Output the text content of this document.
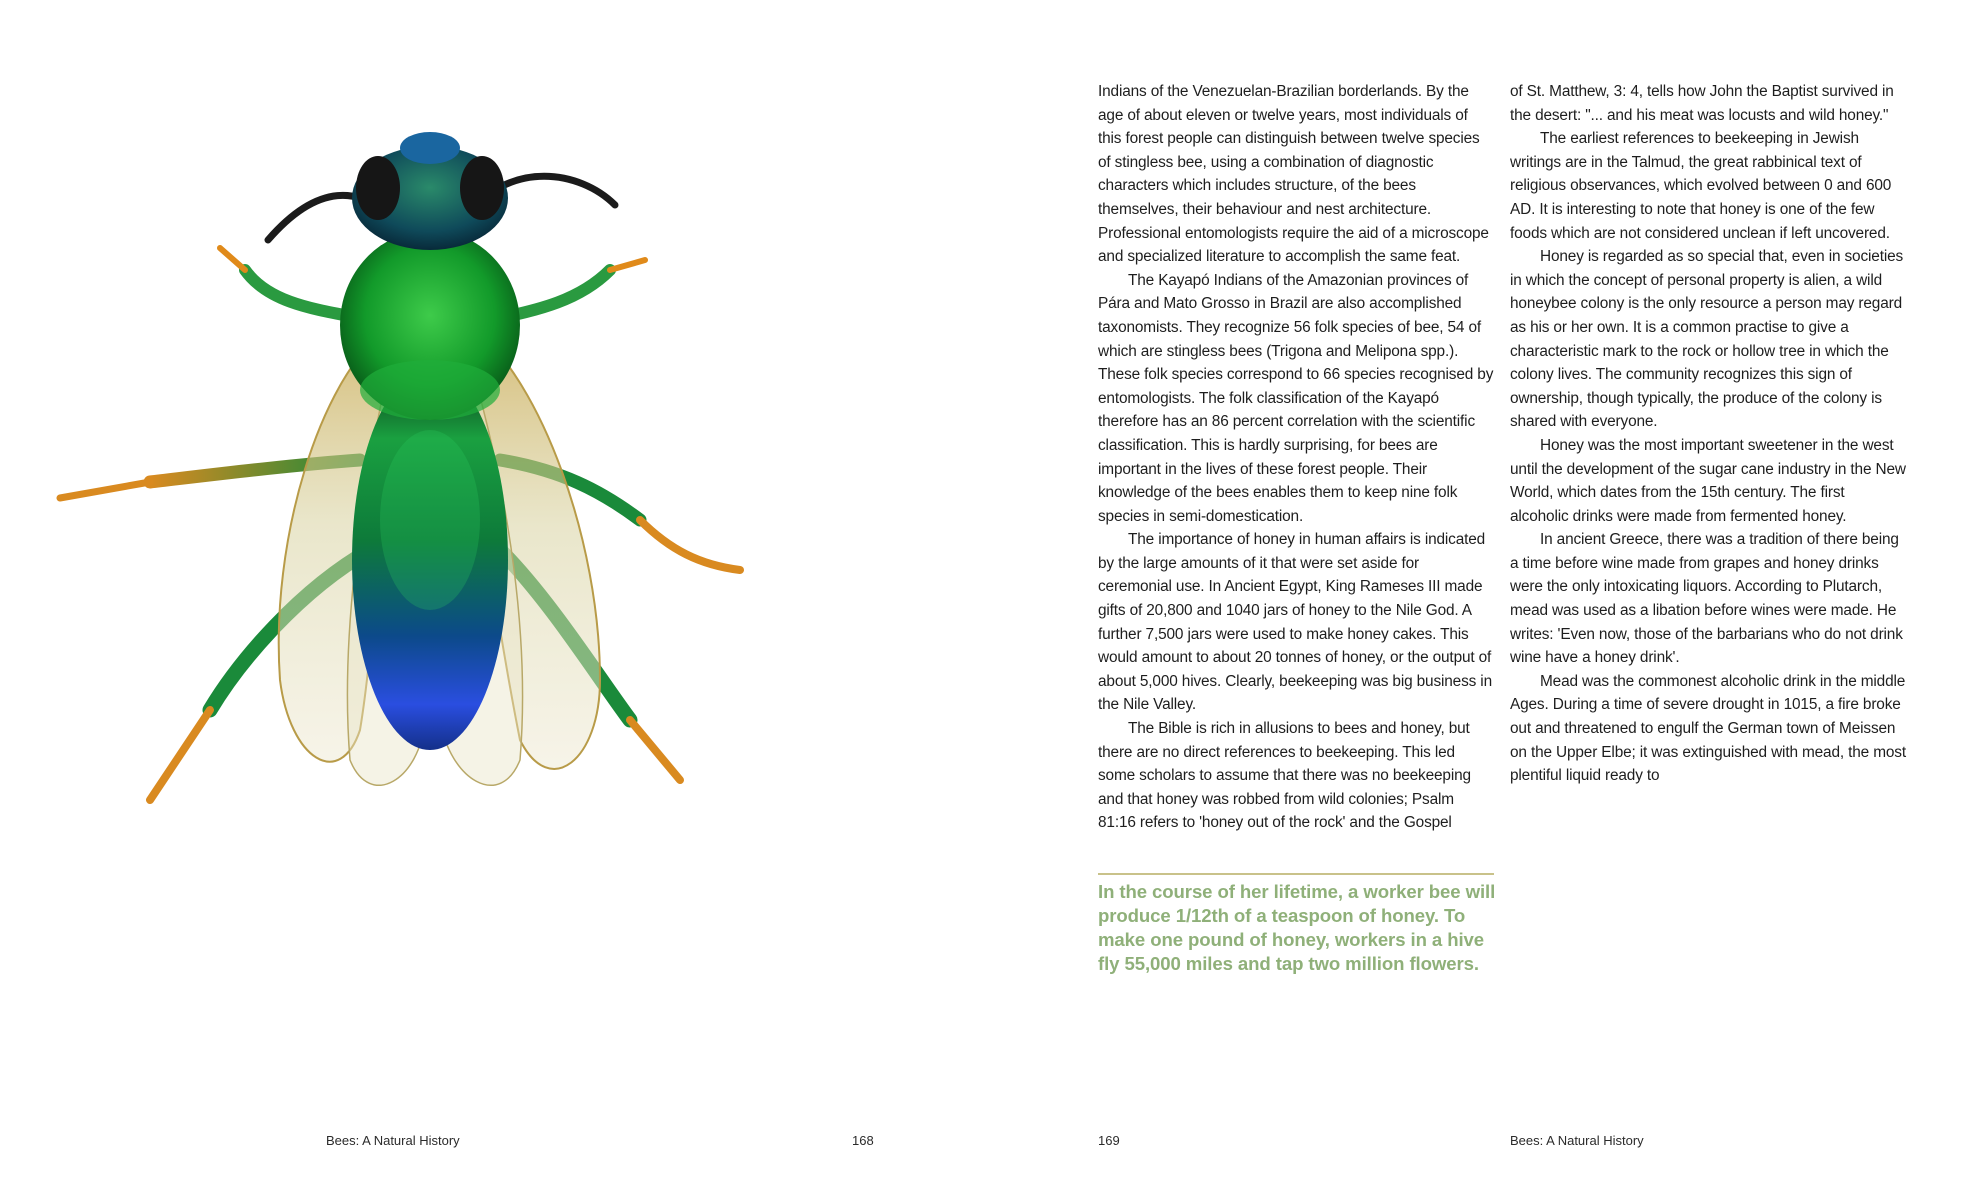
Indians of the Venezuelan-Brazilian borderlands. By the age of about eleven or twelve years, most individuals of this forest people can distinguish between twelve species of stingless bee, using a combination of diagnostic characters which includes structure, of the bees themselves, their behaviour and nest architecture. Professional entomologists require the aid of a microscope and specialized literature to accomplish the same feat.

The Kayapó Indians of the Amazonian provinces of Pára and Mato Grosso in Brazil are also accomplished taxonomists. They recognize 56 folk species of bee, 54 of which are stingless bees (Trigona and Melipona spp.). These folk species correspond to 66 species recognised by entomologists. The folk classification of the Kayapó therefore has an 86 percent correlation with the scientific classification. This is hardly surprising, for bees are important in the lives of these forest people. Their knowledge of the bees enables them to keep nine folk species in semi-domestication.

The importance of honey in human affairs is indicated by the large amounts of it that were set aside for ceremonial use. In Ancient Egypt, King Rameses III made gifts of 20,800 and 1040 jars of honey to the Nile God. A further 7,500 jars were used to make honey cakes. This would amount to about 20 tonnes of honey, or the output of about 5,000 hives. Clearly, beekeeping was big business in the Nile Valley.

The Bible is rich in allusions to bees and honey, but there are no direct references to beekeeping. This led some scholars to assume that there was no beekeeping and that honey was robbed from wild colonies; Psalm 81:16 refers to 'honey out of the rock' and the Gospel

of St. Matthew, 3: 4, tells how John the Baptist survived in the desert: "... and his meat was locusts and wild honey."

The earliest references to beekeeping in Jewish writings are in the Talmud, the great rabbinical text of religious observances, which evolved between 0 and 600 AD. It is interesting to note that honey is one of the few foods which are not considered unclean if left uncovered.

Honey is regarded as so special that, even in societies in which the concept of personal property is alien, a wild honeybee colony is the only resource a person may regard as his or her own. It is a common practise to give a characteristic mark to the rock or hollow tree in which the colony lives. The community recognizes this sign of ownership, though typically, the produce of the colony is shared with everyone.

Honey was the most important sweetener in the west until the development of the sugar cane industry in the New World, which dates from the 15th century. The first alcoholic drinks were made from fermented honey.

In ancient Greece, there was a tradition of there being a time before wine made from grapes and honey drinks were the only intoxicating liquors. According to Plutarch, mead was used as a libation before wines were made. He writes: 'Even now, those of the barbarians who do not drink wine have a honey drink'.

Mead was the commonest alcoholic drink in the middle Ages. During a time of severe drought in 1015, a fire broke out and threatened to engulf the German town of Meissen on the Upper Elbe; it was extinguished with mead, the most plentiful liquid ready to

In the course of her lifetime, a worker bee will produce 1/12th of a teaspoon of honey. To make one pound of honey, workers in a hive fly 55,000 miles and tap two million flowers.

Bees: A Natural History	168	169	Bees: A Natural History
